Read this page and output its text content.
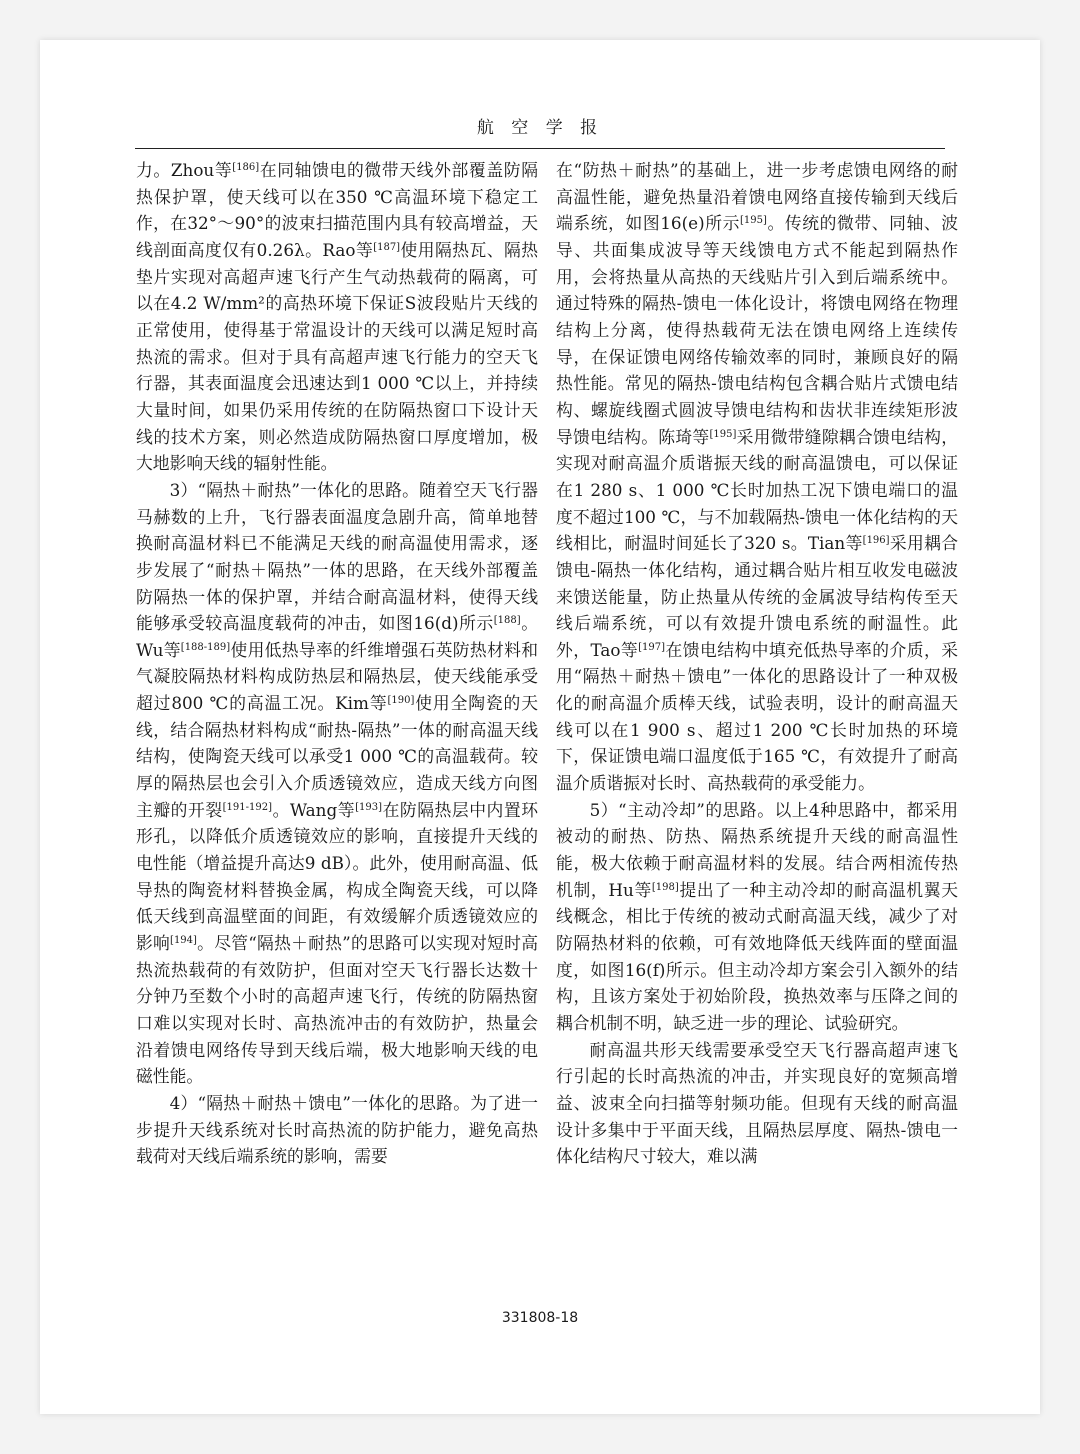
航 空 学 报

力。Zhou等[186]在同轴馈电的微带天线外部覆盖防隔热保护罩，使天线可以在350 ℃高温环境下稳定工作，在32°～90°的波束扫描范围内具有较高增益，天线剖面高度仅有0.26λ。Rao等[187]使用隔热瓦、隔热垫片实现对高超声速飞行产生气动热载荷的隔离，可以在4.2 W/mm²的高热环境下保证S波段贴片天线的正常使用，使得基于常温设计的天线可以满足短时高热流的需求。但对于具有高超声速飞行能力的空天飞行器，其表面温度会迅速达到1 000 ℃以上，并持续大量时间，如果仍采用传统的在防隔热窗口下设计天线的技术方案，则必然造成防隔热窗口厚度增加，极大地影响天线的辐射性能。

3）“隔热＋耐热”一体化的思路。随着空天飞行器马赫数的上升，飞行器表面温度急剧升高，简单地替换耐高温材料已不能满足天线的耐高温使用需求，逐步发展了“耐热＋隔热”一体的思路，在天线外部覆盖防隔热一体的保护罩，并结合耐高温材料，使得天线能够承受较高温度载荷的冲击，如图16(d)所示[188]。Wu等[188-189]使用低热导率的纤维增强石英防热材料和气凝胶隔热材料构成防热层和隔热层，使天线能承受超过800 ℃的高温工况。Kim等[190]使用全陶瓷的天线，结合隔热材料构成“耐热-隔热”一体的耐高温天线结构，使陶瓷天线可以承受1 000 ℃的高温载荷。较厚的隔热层也会引入介质透镜效应，造成天线方向图主瓣的开裂[191-192]。Wang等[193]在防隔热层中内置环形孔，以降低介质透镜效应的影响，直接提升天线的电性能（增益提升高达9 dB）。此外，使用耐高温、低导热的陶瓷材料替换金属，构成全陶瓷天线，可以降低天线到高温壁面的间距，有效缓解介质透镜效应的影响[194]。尽管“隔热＋耐热”的思路可以实现对短时高热流热载荷的有效防护，但面对空天飞行器长达数十分钟乃至数个小时的高超声速飞行，传统的防隔热窗口难以实现对长时、高热流冲击的有效防护，热量会沿着馈电网络传导到天线后端，极大地影响天线的电磁性能。

4）“隔热＋耐热＋馈电”一体化的思路。为了进一步提升天线系统对长时高热流的防护能力，避免高热载荷对天线后端系统的影响，需要

在“防热＋耐热”的基础上，进一步考虑馈电网络的耐高温性能，避免热量沿着馈电网络直接传输到天线后端系统，如图16(e)所示[195]。传统的微带、同轴、波导、共面集成波导等天线馈电方式不能起到隔热作用，会将热量从高热的天线贴片引入到后端系统中。通过特殊的隔热-馈电一体化设计，将馈电网络在物理结构上分离，使得热载荷无法在馈电网络上连续传导，在保证馈电网络传输效率的同时，兼顾良好的隔热性能。常见的隔热-馈电结构包含耦合贴片式馈电结构、螺旋线圈式圆波导馈电结构和齿状非连续矩形波导馈电结构。陈琦等[195]采用微带缝隙耦合馈电结构，实现对耐高温介质谐振天线的耐高温馈电，可以保证在1 280 s、1 000 ℃长时加热工况下馈电端口的温度不超过100 ℃，与不加载隔热-馈电一体化结构的天线相比，耐温时间延长了320 s。Tian等[196]采用耦合馈电-隔热一体化结构，通过耦合贴片相互收发电磁波来馈送能量，防止热量从传统的金属波导结构传至天线后端系统，可以有效提升馈电系统的耐温性。此外，Tao等[197]在馈电结构中填充低热导率的介质，采用“隔热＋耐热＋馈电”一体化的思路设计了一种双极化的耐高温介质棒天线，试验表明，设计的耐高温天线可以在1 900 s、超过1 200 ℃长时加热的环境下，保证馈电端口温度低于165 ℃，有效提升了耐高温介质谐振对长时、高热载荷的承受能力。

5）“主动冷却”的思路。以上4种思路中，都采用被动的耐热、防热、隔热系统提升天线的耐高温性能，极大依赖于耐高温材料的发展。结合两相流传热机制，Hu等[198]提出了一种主动冷却的耐高温机翼天线概念，相比于传统的被动式耐高温天线，减少了对防隔热材料的依赖，可有效地降低天线阵面的壁面温度，如图16(f)所示。但主动冷却方案会引入额外的结构，且该方案处于初始阶段，换热效率与压降之间的耦合机制不明，缺乏进一步的理论、试验研究。

耐高温共形天线需要承受空天飞行器高超声速飞行引起的长时高热流的冲击，并实现良好的宽频高增益、波束全向扫描等射频功能。但现有天线的耐高温设计多集中于平面天线，且隔热层厚度、隔热-馈电一体化结构尺寸较大，难以满

331808-18
